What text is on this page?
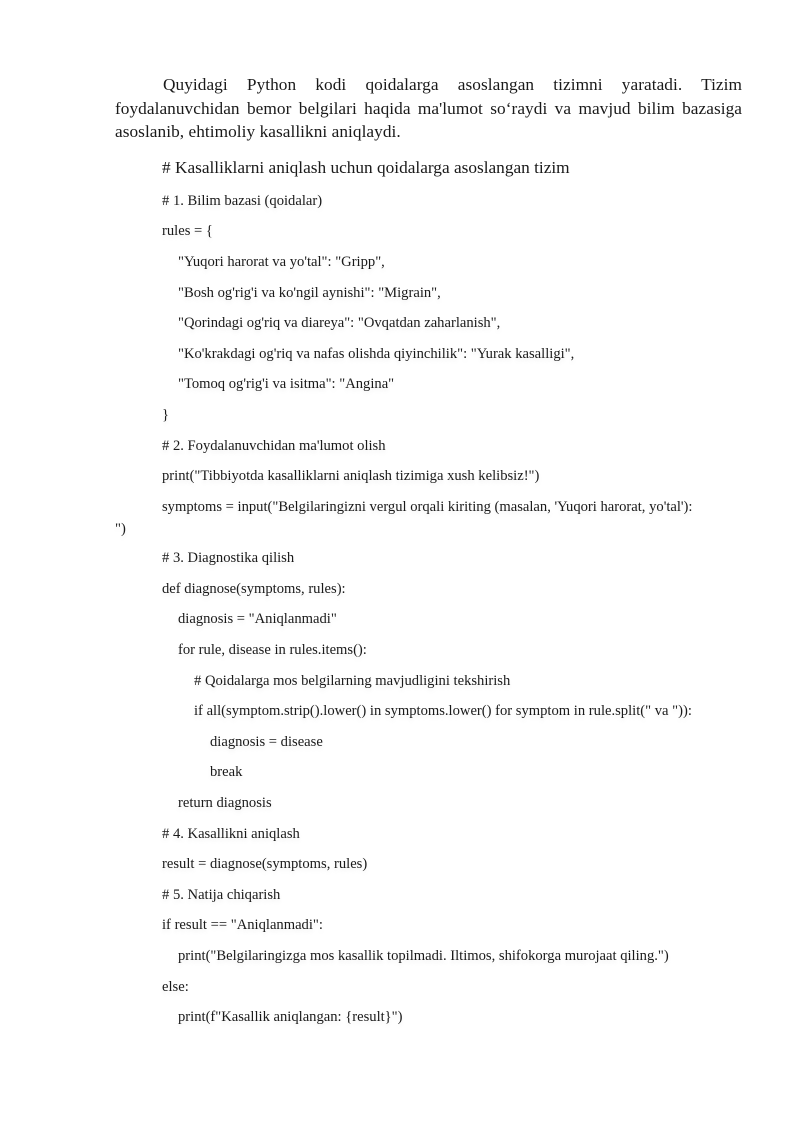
Quyidagi Python kodi qoidalarga asoslangan tizimni yaratadi. Tizim foydalanuvchidan bemor belgilari haqida ma'lumot so‘raydi va mavjud bilim bazasiga asoslanib, ehtimoliy kasallikni aniqlaydi.

# Kasalliklarni aniqlash uchun qoidalarga asoslangan tizim
# 1. Bilim bazasi (qoidalar)
rules = {
"Yuqori harorat va yo'tal": "Gripp",
"Bosh og'rig'i va ko'ngil aynishi": "Migrain",
"Qorindagi og'riq va diareya": "Ovqatdan zaharlanish",
"Ko'krakdagi og'riq va nafas olishda qiyinchilik": "Yurak kasalligi",
"Tomoq og'rig'i va isitma": "Angina"
}
# 2. Foydalanuvchidan ma'lumot olish
print("Tibbiyotda kasalliklarni aniqlash tizimiga xush kelibsiz!")
symptoms = input("Belgilaringizni vergul orqali kiriting (masalan, 'Yuqori harorat, yo'tal'):
")
# 3. Diagnostika qilish
def diagnose(symptoms, rules):
diagnosis = "Aniqlanmadi"
for rule, disease in rules.items():
# Qoidalarga mos belgilarning mavjudligini tekshirish
if all(symptom.strip().lower() in symptoms.lower() for symptom in rule.split(" va ")):
diagnosis = disease
break
return diagnosis
# 4. Kasallikni aniqlash
result = diagnose(symptoms, rules)
# 5. Natija chiqarish
if result == "Aniqlanmadi":
print("Belgilaringizga mos kasallik topilmadi. Iltimos, shifokorga murojaat qiling.")
else:
print(f"Kasallik aniqlangan: {result}")
